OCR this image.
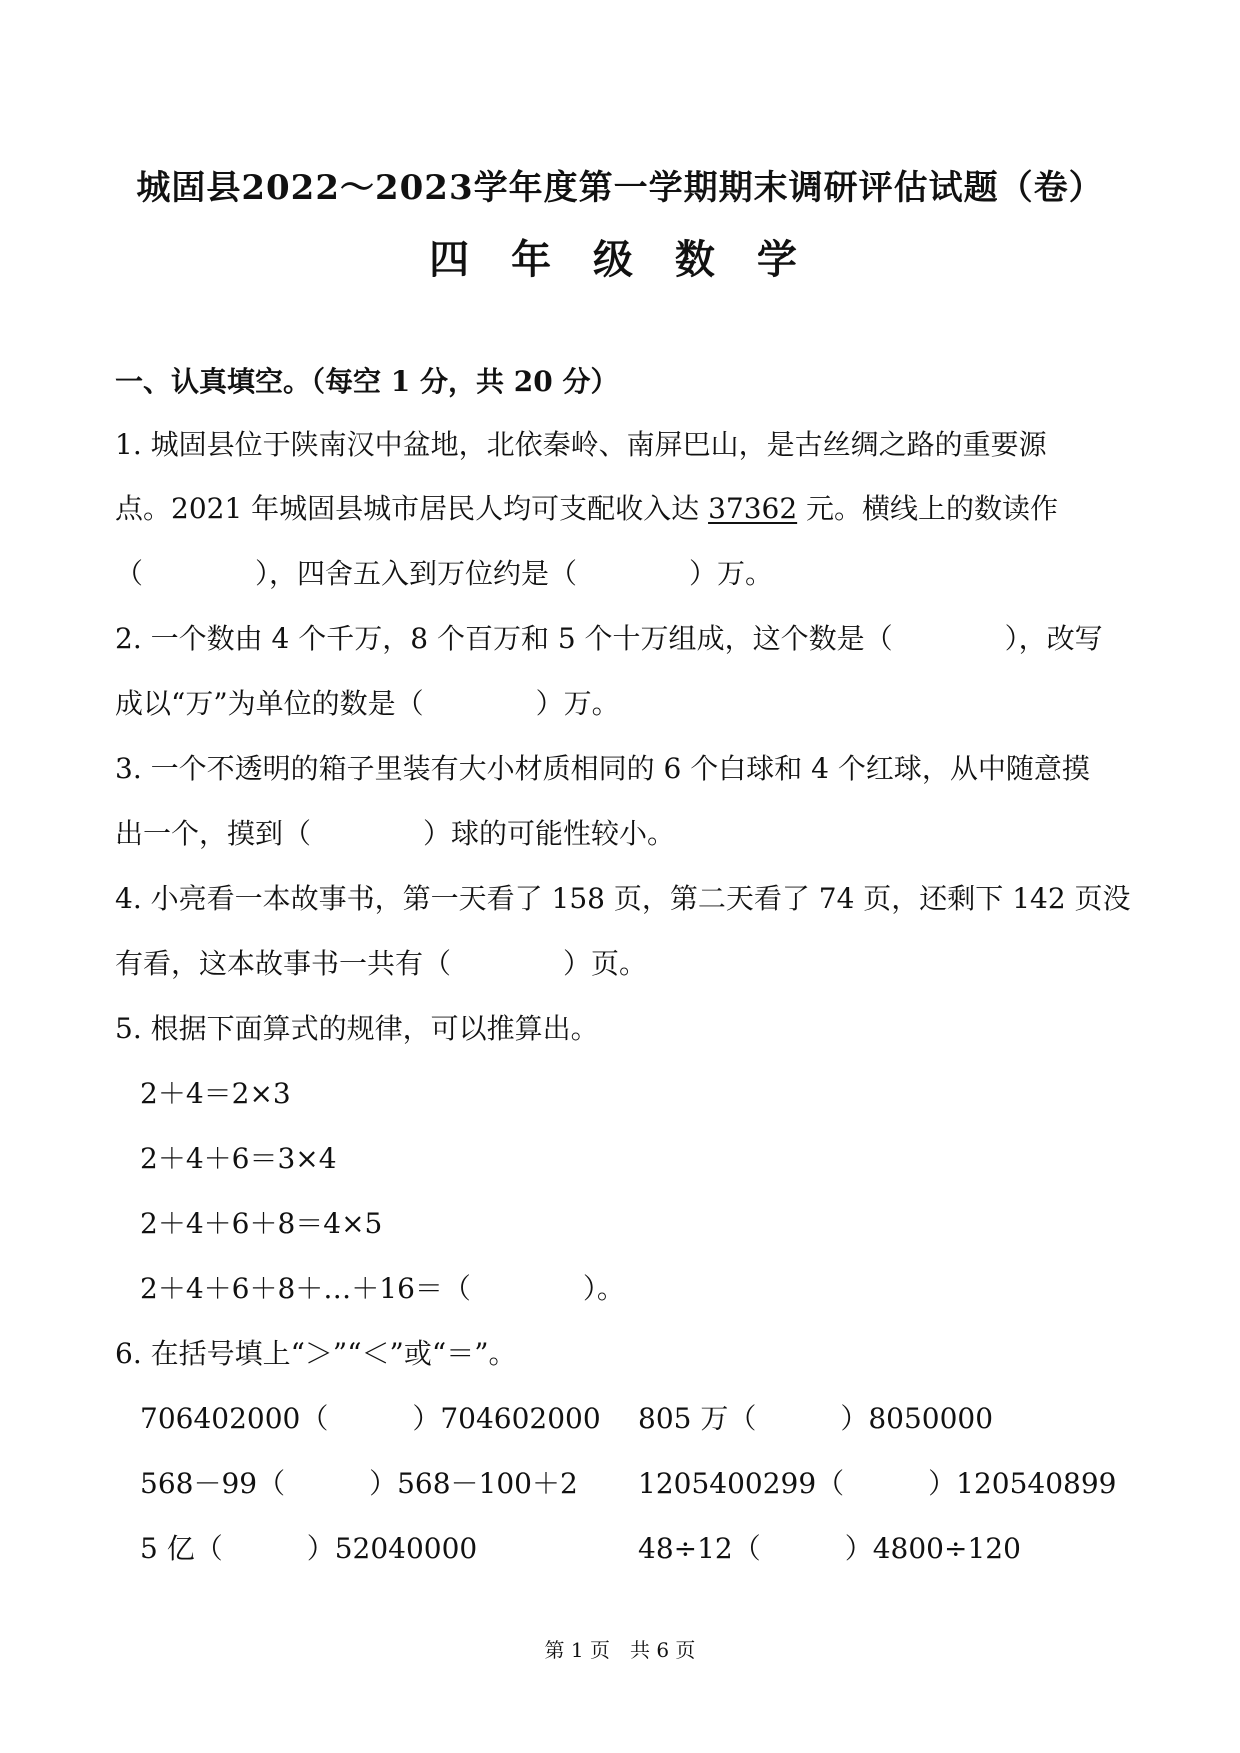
城固县2022～2023学年度第一学期期末调研评估试题（卷）
四 年 级 数 学
一、认真填空。（每空 1 分，共 20 分）
1. 城固县位于陕南汉中盆地，北依秦岭、南屏巴山，是古丝绸之路的重要源
点。2021 年城固县城市居民人均可支配收入达 37362 元。横线上的数读作
（　　　　），四舍五入到万位约是（　　　　）万。
2. 一个数由 4 个千万，8 个百万和 5 个十万组成，这个数是（　　　　），改写
成以“万”为单位的数是（　　　　）万。
3. 一个不透明的箱子里装有大小材质相同的 6 个白球和 4 个红球，从中随意摸
出一个，摸到（　　　　）球的可能性较小。
4. 小亮看一本故事书，第一天看了 158 页，第二天看了 74 页，还剩下 142 页没
有看，这本故事书一共有（　　　　）页。
5. 根据下面算式的规律，可以推算出。
2＋4＝2×3
2＋4＋6＝3×4
2＋4＋6＋8＝4×5
2＋4＋6＋8＋…＋16＝（　　　　）。
6. 在括号填上“＞”“＜”或“＝”。
706402000（　　　）704602000 805 万（　　　）8050000
568－99（　　　）568－100＋2 1205400299（　　　）120540899
5 亿（　　　）52040000	48÷12（　　　）4800÷120
第 1 页　共 6 页
